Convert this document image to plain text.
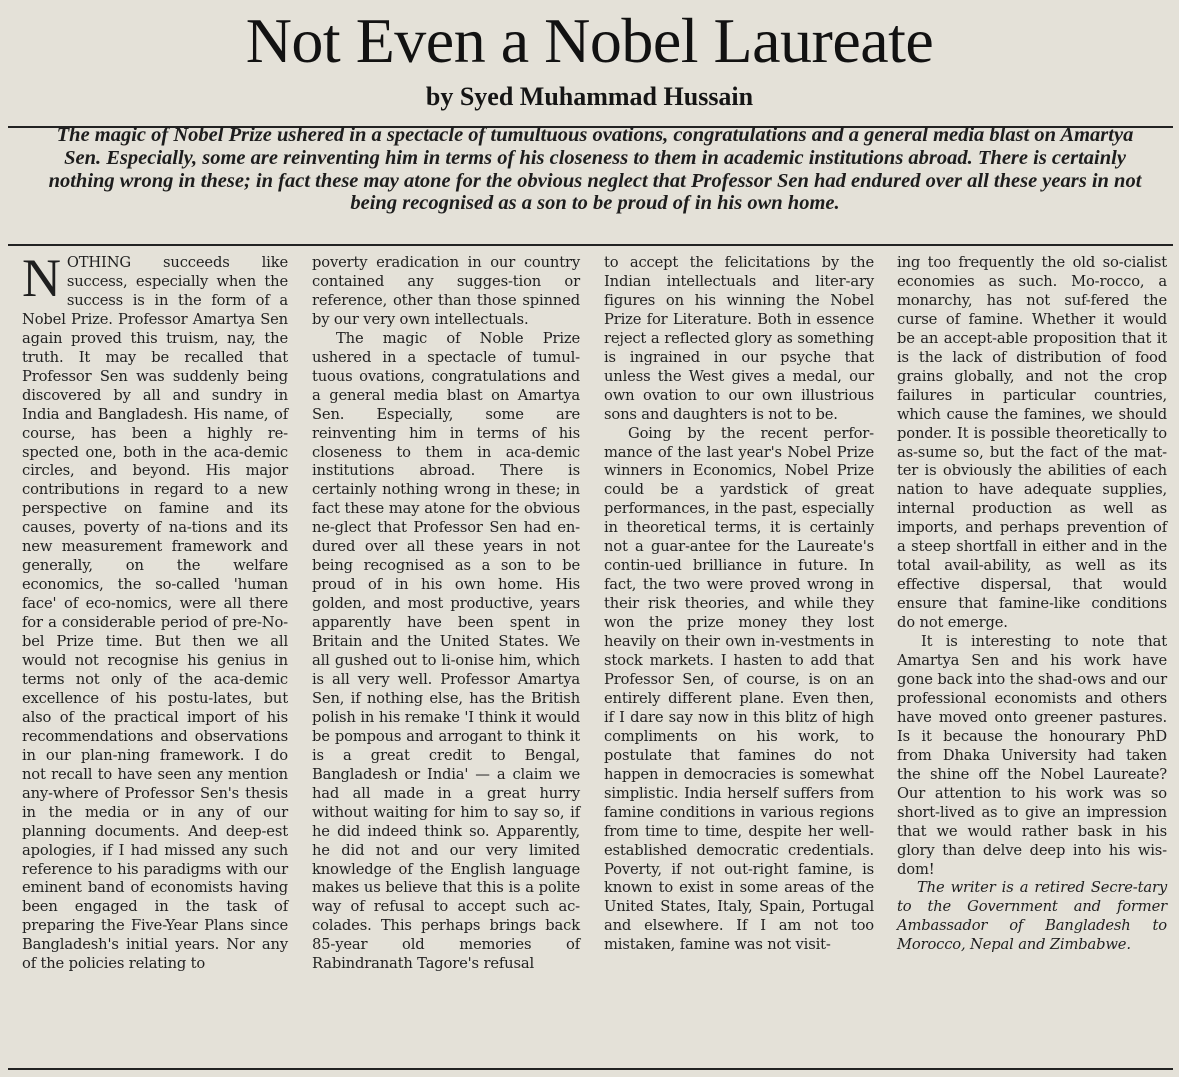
Not Even a Nobel Laureate
by Syed Muhammad Hussain
The magic of Nobel Prize ushered in a spectacle of tumultuous ovations, congratulations and a general media blast on Amartya Sen. Especially, some are reinventing him in terms of his closeness to them in academic institutions abroad. There is certainly nothing wrong in these; in fact these may atone for the obvious neglect that Professor Sen had endured over all these years in not being recognised as a son to be proud of in his own home.

NOTHING succeeds like success, especially when the success is in the form of a Nobel Prize. Professor Amartya Sen again proved this truism, nay, the truth. It may be recalled that Professor Sen was suddenly being discovered by all and sundry in India and Bangladesh. His name, of course, has been a highly re-spected one, both in the aca-demic circles, and beyond. His major contributions in regard to a new perspective on famine and its causes, poverty of na-tions and its new measurement framework and generally, on the welfare economics, the so-called 'human face' of eco-nomics, were all there for a considerable period of pre-No-bel Prize time. But then we all would not recognise his genius in terms not only of the aca-demic excellence of his postu-lates, but also of the practical import of his recommendations and observations in our plan-ning framework. I do not recall to have seen any mention any-where of Professor Sen's thesis in the media or in any of our planning documents. And deep-est apologies, if I had missed any such reference to his paradigms with our eminent band of economists having been engaged in the task of preparing the Five-Year Plans since Bangladesh's initial years. Nor any of the policies relating to

poverty eradication in our country contained any sugges-tion or reference, other than those spinned by our very own intellectuals.

The magic of Noble Prize ushered in a spectacle of tumul-tuous ovations, congratulations and a general media blast on Amartya Sen. Especially, some are reinventing him in terms of his closeness to them in aca-demic institutions abroad. There is certainly nothing wrong in these; in fact these may atone for the obvious ne-glect that Professor Sen had en-dured over all these years in not being recognised as a son to be proud of in his own home. His golden, and most productive, years apparently have been spent in Britain and the United States. We all gushed out to li-onise him, which is all very well. Professor Amartya Sen, if nothing else, has the British polish in his remake 'I think it would be pompous and arrogant to think it is a great credit to Bengal, Bangladesh or India' — a claim we had all made in a great hurry without waiting for him to say so, if he did indeed think so. Apparently, he did not and our very limited knowledge of the English language makes us believe that this is a polite way of refusal to accept such ac-colades. This perhaps brings back 85-year old memories of Rabindranath Tagore's refusal

to accept the felicitations by the Indian intellectuals and liter-ary figures on his winning the Nobel Prize for Literature. Both in essence reject a reflected glory as something is ingrained in our psyche that unless the West gives a medal, our own ovation to our own illustrious sons and daughters is not to be.

Going by the recent perfor-mance of the last year's Nobel Prize winners in Economics, Nobel Prize could be a yardstick of great performances, in the past, especially in theoretical terms, it is certainly not a guar-antee for the Laureate's contin-ued brilliance in future. In fact, the two were proved wrong in their risk theories, and while they won the prize money they lost heavily on their own in-vestments in stock markets. I hasten to add that Professor Sen, of course, is on an entirely different plane. Even then, if I dare say now in this blitz of high compliments on his work, to postulate that famines do not happen in democracies is somewhat simplistic. India herself suffers from famine conditions in various regions from time to time, despite her well-established democratic credentials. Poverty, if not out-right famine, is known to exist in some areas of the United States, Italy, Spain, Portugal and elsewhere. If I am not too mistaken, famine was not visit-

ing too frequently the old so-cialist economies as such. Mo-rocco, a monarchy, has not suf-fered the curse of famine. Whether it would be an accept-able proposition that it is the lack of distribution of food grains globally, and not the crop failures in particular countries, which cause the famines, we should ponder. It is possible theoretically to as-sume so, but the fact of the mat-ter is obviously the abilities of each nation to have adequate supplies, internal production as well as imports, and perhaps prevention of a steep shortfall in either and in the total avail-ability, as well as its effective dispersal, that would ensure that famine-like conditions do not emerge.

It is interesting to note that Amartya Sen and his work have gone back into the shad-ows and our professional economists and others have moved onto greener pastures. Is it because the honourary PhD from Dhaka University had taken the shine off the Nobel Laureate? Our attention to his work was so short-lived as to give an impression that we would rather bask in his glory than delve deep into his wis-dom!

The writer is a retired Secre-tary to the Government and former Ambassador of Bangladesh to Morocco, Nepal and Zimbabwe.
